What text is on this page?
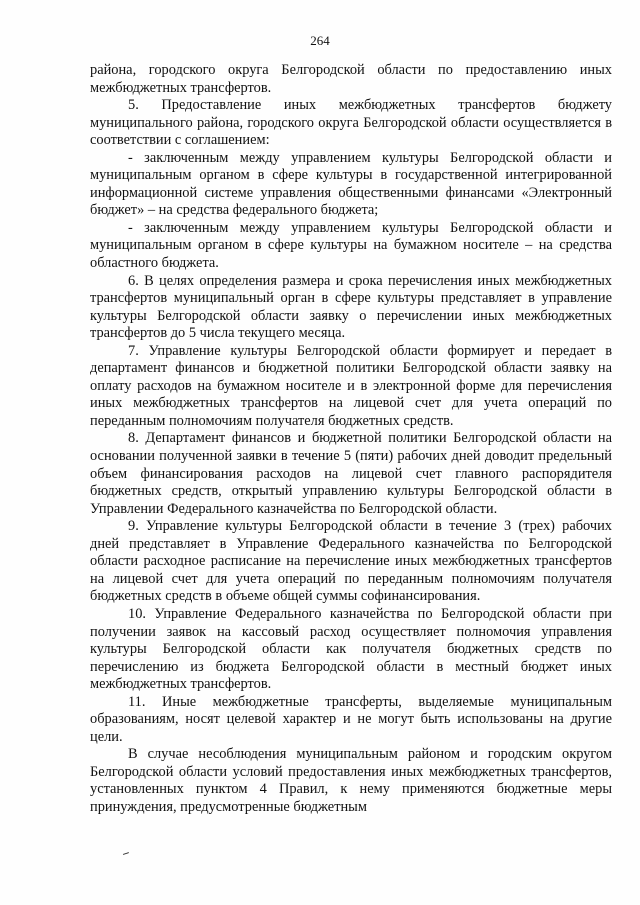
264

района, городского округа Белгородской области по предоставлению иных межбюджетных трансфертов.

5. Предоставление иных межбюджетных трансфертов бюджету муниципального района, городского округа Белгородской области осуществляется в соответствии с соглашением:

- заключенным между управлением культуры Белгородской области и муниципальным органом в сфере культуры в государственной интегрированной информационной системе управления общественными финансами «Электронный бюджет» – на средства федерального бюджета;

- заключенным между управлением культуры Белгородской области и муниципальным органом в сфере культуры на бумажном носителе – на средства областного бюджета.

6. В целях определения размера и срока перечисления иных межбюджетных трансфертов муниципальный орган в сфере культуры представляет в управление культуры Белгородской области заявку о перечислении иных межбюджетных трансфертов до 5 числа текущего месяца.

7. Управление культуры Белгородской области формирует и передает в департамент финансов и бюджетной политики Белгородской области заявку на оплату расходов на бумажном носителе и в электронной форме для перечисления иных межбюджетных трансфертов на лицевой счет для учета операций по переданным полномочиям получателя бюджетных средств.

8. Департамент финансов и бюджетной политики Белгородской области на основании полученной заявки в течение 5 (пяти) рабочих дней доводит предельный объем финансирования расходов на лицевой счет главного распорядителя бюджетных средств, открытый управлению культуры Белгородской области в Управлении Федерального казначейства по Белгородской области.

9. Управление культуры Белгородской области в течение 3 (трех) рабочих дней представляет в Управление Федерального казначейства по Белгородской области расходное расписание на перечисление иных межбюджетных трансфертов на лицевой счет для учета операций по переданным полномочиям получателя бюджетных средств в объеме общей суммы софинансирования.

10. Управление Федерального казначейства по Белгородской области при получении заявок на кассовый расход осуществляет полномочия управления культуры Белгородской области как получателя бюджетных средств по перечислению из бюджета Белгородской области в местный бюджет иных межбюджетных трансфертов.

11. Иные межбюджетные трансферты, выделяемые муниципальным образованиям, носят целевой характер и не могут быть использованы на другие цели.

В случае несоблюдения муниципальным районом и городским округом Белгородской области условий предоставления иных межбюджетных трансфертов, установленных пунктом 4 Правил, к нему применяются бюджетные меры принуждения, предусмотренные бюджетным
